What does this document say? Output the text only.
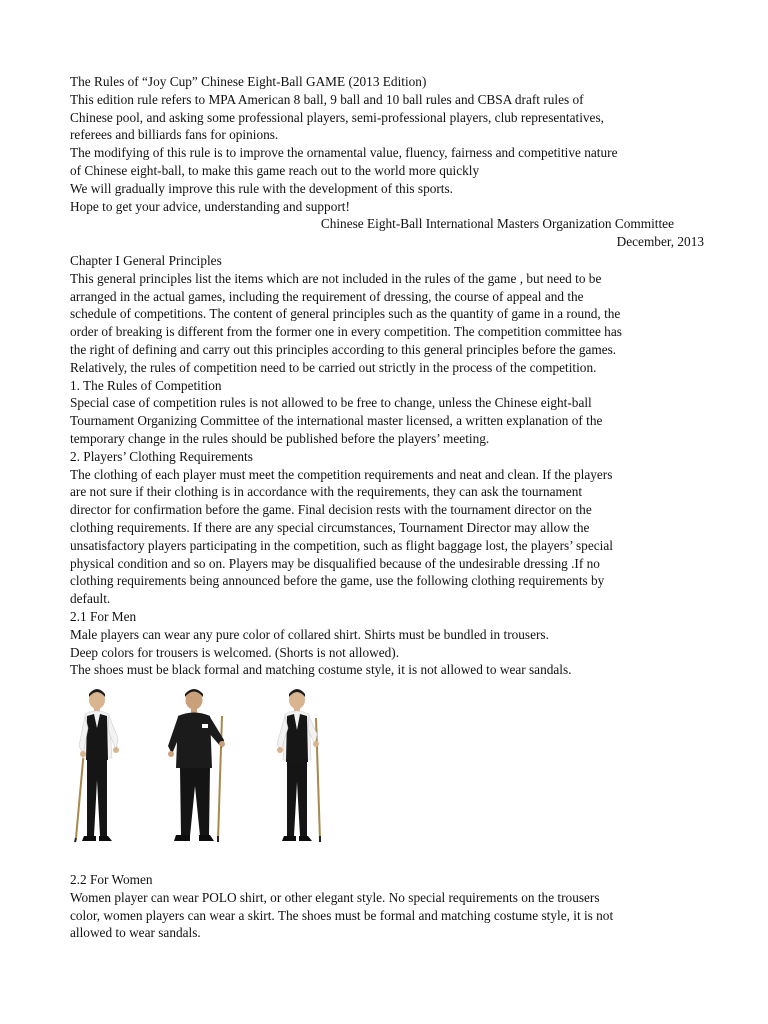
The Rules of “Joy Cup” Chinese Eight-Ball GAME (2013 Edition)
This edition rule refers to MPA American 8 ball, 9 ball and 10 ball rules and CBSA draft rules of
Chinese pool, and asking some professional players, semi-professional players, club representatives,
referees and billiards fans for opinions.
The modifying of this rule is to improve the ornamental value, fluency, fairness and competitive nature
of Chinese eight-ball, to make this game reach out to the world more quickly
We will gradually improve this rule with the development of this sports.
Hope to get your advice, understanding and support!
Chinese Eight-Ball International Masters Organization Committee
December, 2013
Chapter I General Principles
This general principles list the items which are not included in the rules of the game , but need to be
arranged in the actual games, including the requirement of dressing, the course of appeal and the
schedule of competitions. The content of general principles such as the quantity of game in a round, the
order of breaking is different from the former one in every competition. The competition committee has
the right of defining and carry out this principles according to this general principles before the games.
Relatively, the rules of competition need to be carried out strictly in the process of the competition.
1. The Rules of Competition
Special case of competition rules is not allowed to be free to change, unless the Chinese eight-ball
Tournament Organizing Committee of the international master licensed, a written explanation of the
temporary change in the rules should be published before the players’ meeting.
2. Players’ Clothing Requirements
The clothing of each player must meet the competition requirements and neat and clean. If the players
are not sure if their clothing is in accordance with the requirements, they can ask the tournament
director for confirmation before the game. Final decision rests with the tournament director on the
clothing requirements. If there are any special circumstances, Tournament Director may allow the
unsatisfactory players participating in the competition, such as flight baggage lost, the players’ special
physical condition and so on. Players may be disqualified because of the undesirable dressing .If no
clothing requirements being announced before the game, use the following clothing requirements by
default.
2.1 For Men
Male players can wear any pure color of collared shirt. Shirts must be bundled in trousers.
Deep colors for trousers is welcomed. (Shorts is not allowed).
The shoes must be black formal and matching costume style, it is not allowed to wear sandals.
2.2 For Women
Women player can wear POLO shirt, or other elegant style. No special requirements on the trousers
color, women players can wear a skirt. The shoes must be formal and matching costume style, it is not
allowed to wear sandals.
